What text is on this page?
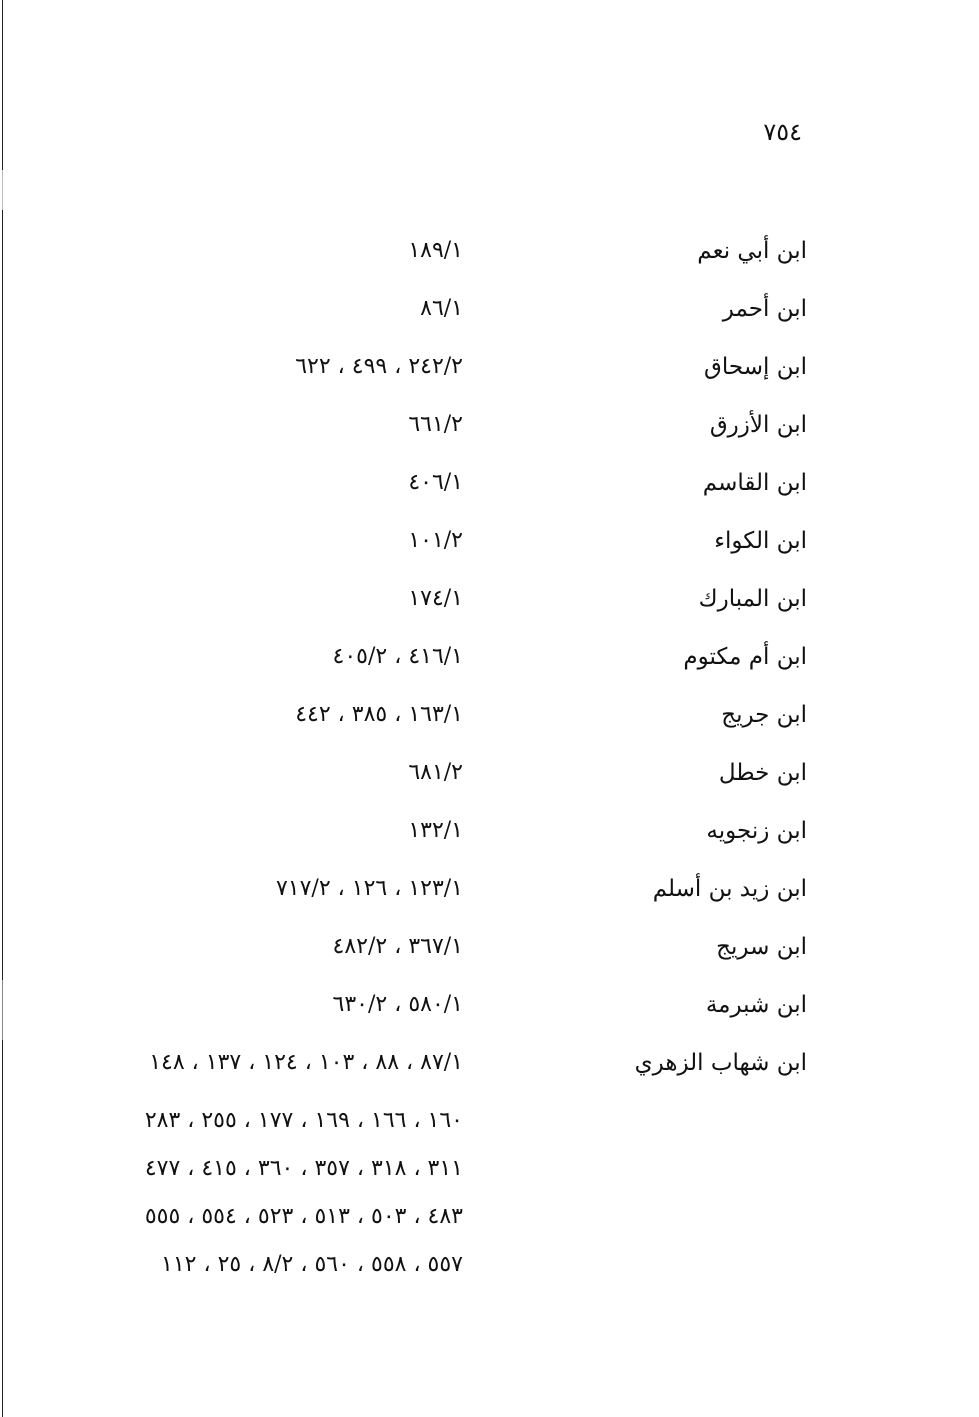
٧٥٤
ابن أبي نعم
١٨٩/١
ابن أحمر
٨٦/١
ابن إسحاق
٢٤٢/٢ ، ٤٩٩ ، ٦٢٢
ابن الأزرق
٦٦١/٢
ابن القاسم
٤٠٦/١
ابن الكواء
١٠١/٢
ابن المبارك
١٧٤/١
ابن أم مكتوم
٤١٦/١ ، ٤٠٥/٢
ابن جريج
١٦٣/١ ، ٣٨٥ ، ٤٤٢
ابن خطل
٦٨١/٢
ابن زنجويه
١٣٢/١
ابن زيد بن أسلم
١٢٣/١ ، ١٢٦ ، ٧١٧/٢
ابن سريج
٣٦٧/١ ، ٤٨٢/٢
ابن شبرمة
٥٨٠/١ ، ٦٣٠/٢
ابن شهاب الزهري
٨٧/١ ، ٨٨ ، ١٠٣ ، ١٢٤ ، ١٣٧ ، ١٤٨
١٦٠ ، ١٦٦ ، ١٦٩ ، ١٧٧ ، ٢٥٥ ، ٢٨٣
٣١١ ، ٣١٨ ، ٣٥٧ ، ٣٦٠ ، ٤١٥ ، ٤٧٧
٤٨٣ ، ٥٠٣ ، ٥١٣ ، ٥٢٣ ، ٥٥٤ ، ٥٥٥
٥٥٧ ، ٥٥٨ ، ٥٦٠ ، ٨/٢ ، ٢٥ ، ١١٢
